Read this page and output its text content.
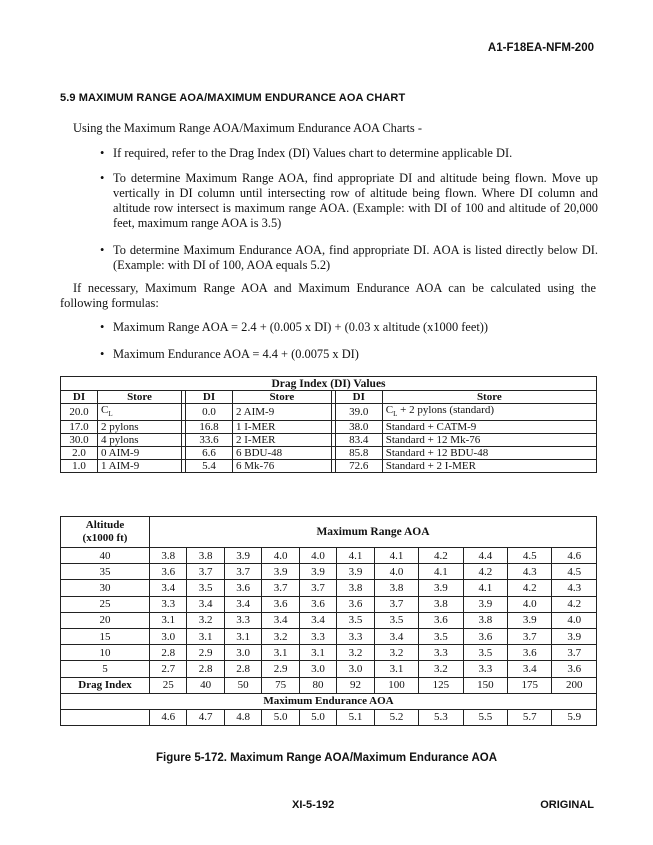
A1-F18EA-NFM-200
5.9 MAXIMUM RANGE AOA/MAXIMUM ENDURANCE AOA CHART
Using the Maximum Range AOA/Maximum Endurance AOA Charts -
• If required, refer to the Drag Index (DI) Values chart to determine applicable DI.
• To determine Maximum Range AOA, find appropriate DI and altitude being flown. Move up vertically in DI column until intersecting row of altitude being flown. Where DI column and altitude row intersect is maximum range AOA. (Example: with DI of 100 and altitude of 20,000 feet, maximum range AOA is 3.5)
• To determine Maximum Endurance AOA, find appropriate DI. AOA is listed directly below DI. (Example: with DI of 100, AOA equals 5.2)
If necessary, Maximum Range AOA and Maximum Endurance AOA can be calculated using the following formulas:
• Maximum Range AOA = 2.4 + (0.005 x DI) + (0.03 x altitude (x1000 feet))
• Maximum Endurance AOA = 4.4 + (0.0075 x DI)
Drag Index (DI) Values							
DI	Store		DI	Store		DI	Store
20.0	$C_L$		0.0	2 AIM-9		39.0	$C_L + 2$ pylons (standard)
17.0	2 pylons		16.8	1 I-MER		38.0	Standard + CATM-9
30.0	4 pylons		33.6	2 I-MER		83.4	Standard + 12 Mk-76
2.0	0 AIM-9		6.6	6 BDU-48		85.8	Standard + 12 BDU-48
1.0	1 AIM-9		5.4	6 Mk-76		72.6	Standard + 2 I-MER
Altitude
(x1000 ft)	Maximum Range AOA										
40	3.8	3.8	3.9	4.0	4.0	4.1	4.1	4.2	4.4	4.5	4.6
35	3.6	3.7	3.7	3.9	3.9	3.9	4.0	4.1	4.2	4.3	4.5
30	3.4	3.5	3.6	3.7	3.7	3.8	3.8	3.9	4.1	4.2	4.3
25	3.3	3.4	3.4	3.6	3.6	3.6	3.7	3.8	3.9	4.0	4.2
20	3.1	3.2	3.3	3.4	3.4	3.5	3.5	3.6	3.8	3.9	4.0
15	3.0	3.1	3.1	3.2	3.3	3.3	3.4	3.5	3.6	3.7	3.9
10	2.8	2.9	3.0	3.1	3.1	3.2	3.2	3.3	3.5	3.6	3.7
5	2.7	2.8	2.8	2.9	3.0	3.0	3.1	3.2	3.3	3.4	3.6
Drag Index	25	40	50	75	80	92	100	125	150	175	200
Maximum Endurance AOA											
	4.6	4.7	4.8	5.0	5.0	5.1	5.2	5.3	5.5	5.7	5.9
Figure 5-172. Maximum Range AOA/Maximum Endurance AOA
XI-5-192	ORIGINAL
